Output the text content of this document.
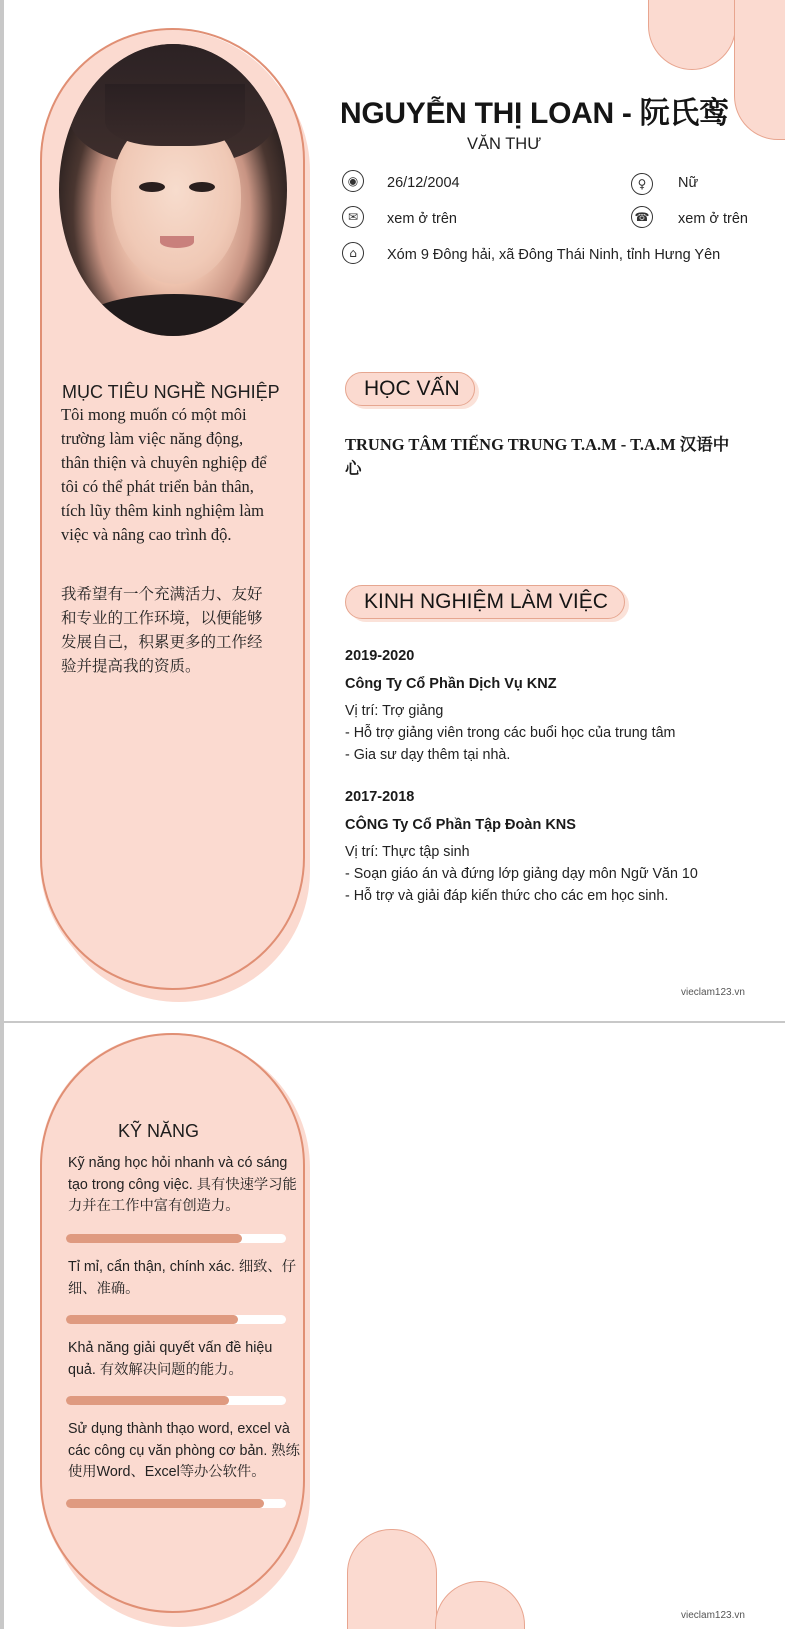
MỤC TIÊU NGHỀ NGHIỆP
Tôi mong muốn có một môi trường làm việc năng động, thân thiện và chuyên nghiệp để tôi có thể phát triển bản thân, tích lũy thêm kinh nghiệm làm việc và nâng cao trình độ.
我希望有一个充满活力、友好和专业的工作环境，以便能够发展自己，积累更多的工作经验并提高我的资质。
NGUYỄN THỊ LOAN - 阮氏鸾
VĂN THƯ
◉	26/12/2004	♀	Nữ
✉	xem ở trên	☎ xem ở trên
⌂	Xóm 9 Đông hải, xã Đông Thái Ninh, tỉnh Hưng Yên
HỌC VẤN
TRUNG TÂM TIẾNG TRUNG T.A.M - T.A.M 汉语中心
KINH NGHIỆM LÀM VIỆC
2019-2020
Công Ty Cổ Phần Dịch Vụ KNZ
Vị trí: Trợ giảng
- Hỗ trợ giảng viên trong các buổi học của trung tâm
- Gia sư dạy thêm tại nhà.
2017-2018
CÔNG Ty Cổ Phần Tập Đoàn KNS
Vị trí: Thực tập sinh
- Soạn giáo án và đứng lớp giảng dạy môn Ngữ Văn 10
- Hỗ trợ và giải đáp kiến thức cho các em học sinh.
vieclam123.vn
KỸ NĂNG
Kỹ năng học hỏi nhanh và có sáng tạo trong công việc. 具有快速学习能力并在工作中富有创造力。
Tỉ mỉ, cẩn thận, chính xác. 细致、仔细、准确。
Khả năng giải quyết vấn đề hiệu quả. 有效解决问题的能力。
Sử dụng thành thạo word, excel và các công cụ văn phòng cơ bản. 熟练使用Word、Excel等办公软件。
vieclam123.vn
